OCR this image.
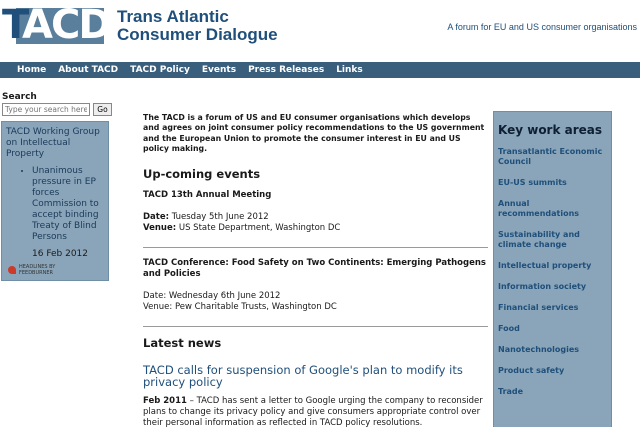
T
ACD Trans Atlantic
Consumer Dialogue	A forum for EU and US consumer organisations
Home About TACD TACD Policy Events Press Releases Links
Search
Type your search here
Go
TACD Working Group on Intellectual Property
• Unanimous pressure in EP forces Commission to accept binding Treaty of Blind Persons
16 Feb 2012
HEADLINES BY
FEEDBURNER
The TACD is a forum of US and EU consumer organisations which develops and agrees on joint consumer policy recommendations to the US government and the European Union to promote the consumer interest in EU and US policy making.
Up-coming events
TACD 13th Annual Meeting
Date: Tuesday 5th June 2012
Venue: US State Department, Washington DC
TACD Conference: Food Safety on Two Continents: Emerging Pathogens and Policies
Date: Wednesday 6th June 2012
Venue: Pew Charitable Trusts, Washington DC
Latest news
TACD calls for suspension of Google's plan to modify its privacy policy
Feb 2011 – TACD has sent a letter to Google urging the company to reconsider plans to change its privacy policy and give consumers appropriate control over their personal information as reflected in TACD policy resolutions.
Key work areas
Transatlantic Economic Council
EU-US summits
Annual recommendations
Sustainability and climate change
Intellectual property
Information society
Financial services
Food
Nanotechnologies
Product safety
Trade
